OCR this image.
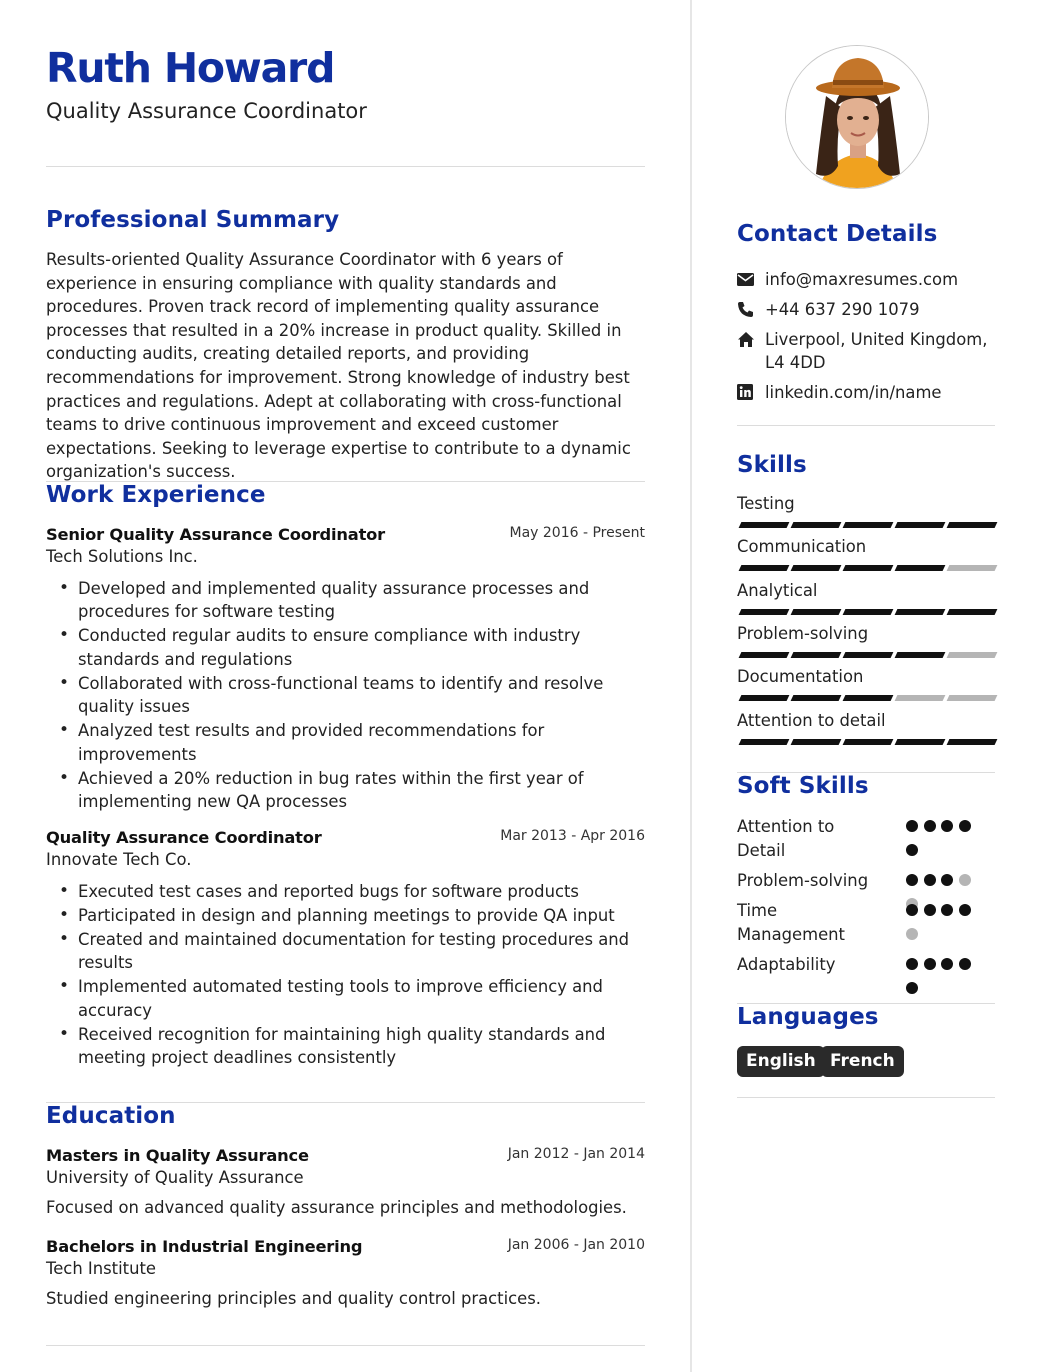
Ruth Howard
Quality Assurance Coordinator
Professional Summary
Results-oriented Quality Assurance Coordinator with 6 years of experience in ensuring compliance with quality standards and procedures. Proven track record of implementing quality assurance processes that resulted in a 20% increase in product quality. Skilled in conducting audits, creating detailed reports, and providing recommendations for improvement. Strong knowledge of industry best practices and regulations. Adept at collaborating with cross-functional teams to drive continuous improvement and exceed customer expectations. Seeking to leverage expertise to contribute to a dynamic organization's success.
Work Experience
Senior Quality Assurance Coordinator	May 2016 - Present
Tech Solutions Inc.
• Developed and implemented quality assurance processes and procedures for software testing
• Conducted regular audits to ensure compliance with industry standards and regulations
• Collaborated with cross-functional teams to identify and resolve quality issues
• Analyzed test results and provided recommendations for improvements
• Achieved a 20% reduction in bug rates within the first year of implementing new QA processes
Quality Assurance Coordinator	Mar 2013 - Apr 2016
Innovate Tech Co.
• Executed test cases and reported bugs for software products
• Participated in design and planning meetings to provide QA input
• Created and maintained documentation for testing procedures and results
• Implemented automated testing tools to improve efficiency and accuracy
• Received recognition for maintaining high quality standards and meeting project deadlines consistently
Education
Masters in Quality Assurance	Jan 2012 - Jan 2014
University of Quality Assurance
Focused on advanced quality assurance principles and methodologies.
Bachelors in Industrial Engineering	Jan 2006 - Jan 2010
Tech Institute
Studied engineering principles and quality control practices.
Contact Details
info@maxresumes.com
+44 637 290 1079
Liverpool, United Kingdom, L4 4DD
linkedin.com/in/name
Skills
Testing
Communication
Analytical
Problem-solving
Documentation
Attention to detail
Soft Skills
Attention to Detail
Problem-solving
Time Management
Adaptability
Languages
English French
